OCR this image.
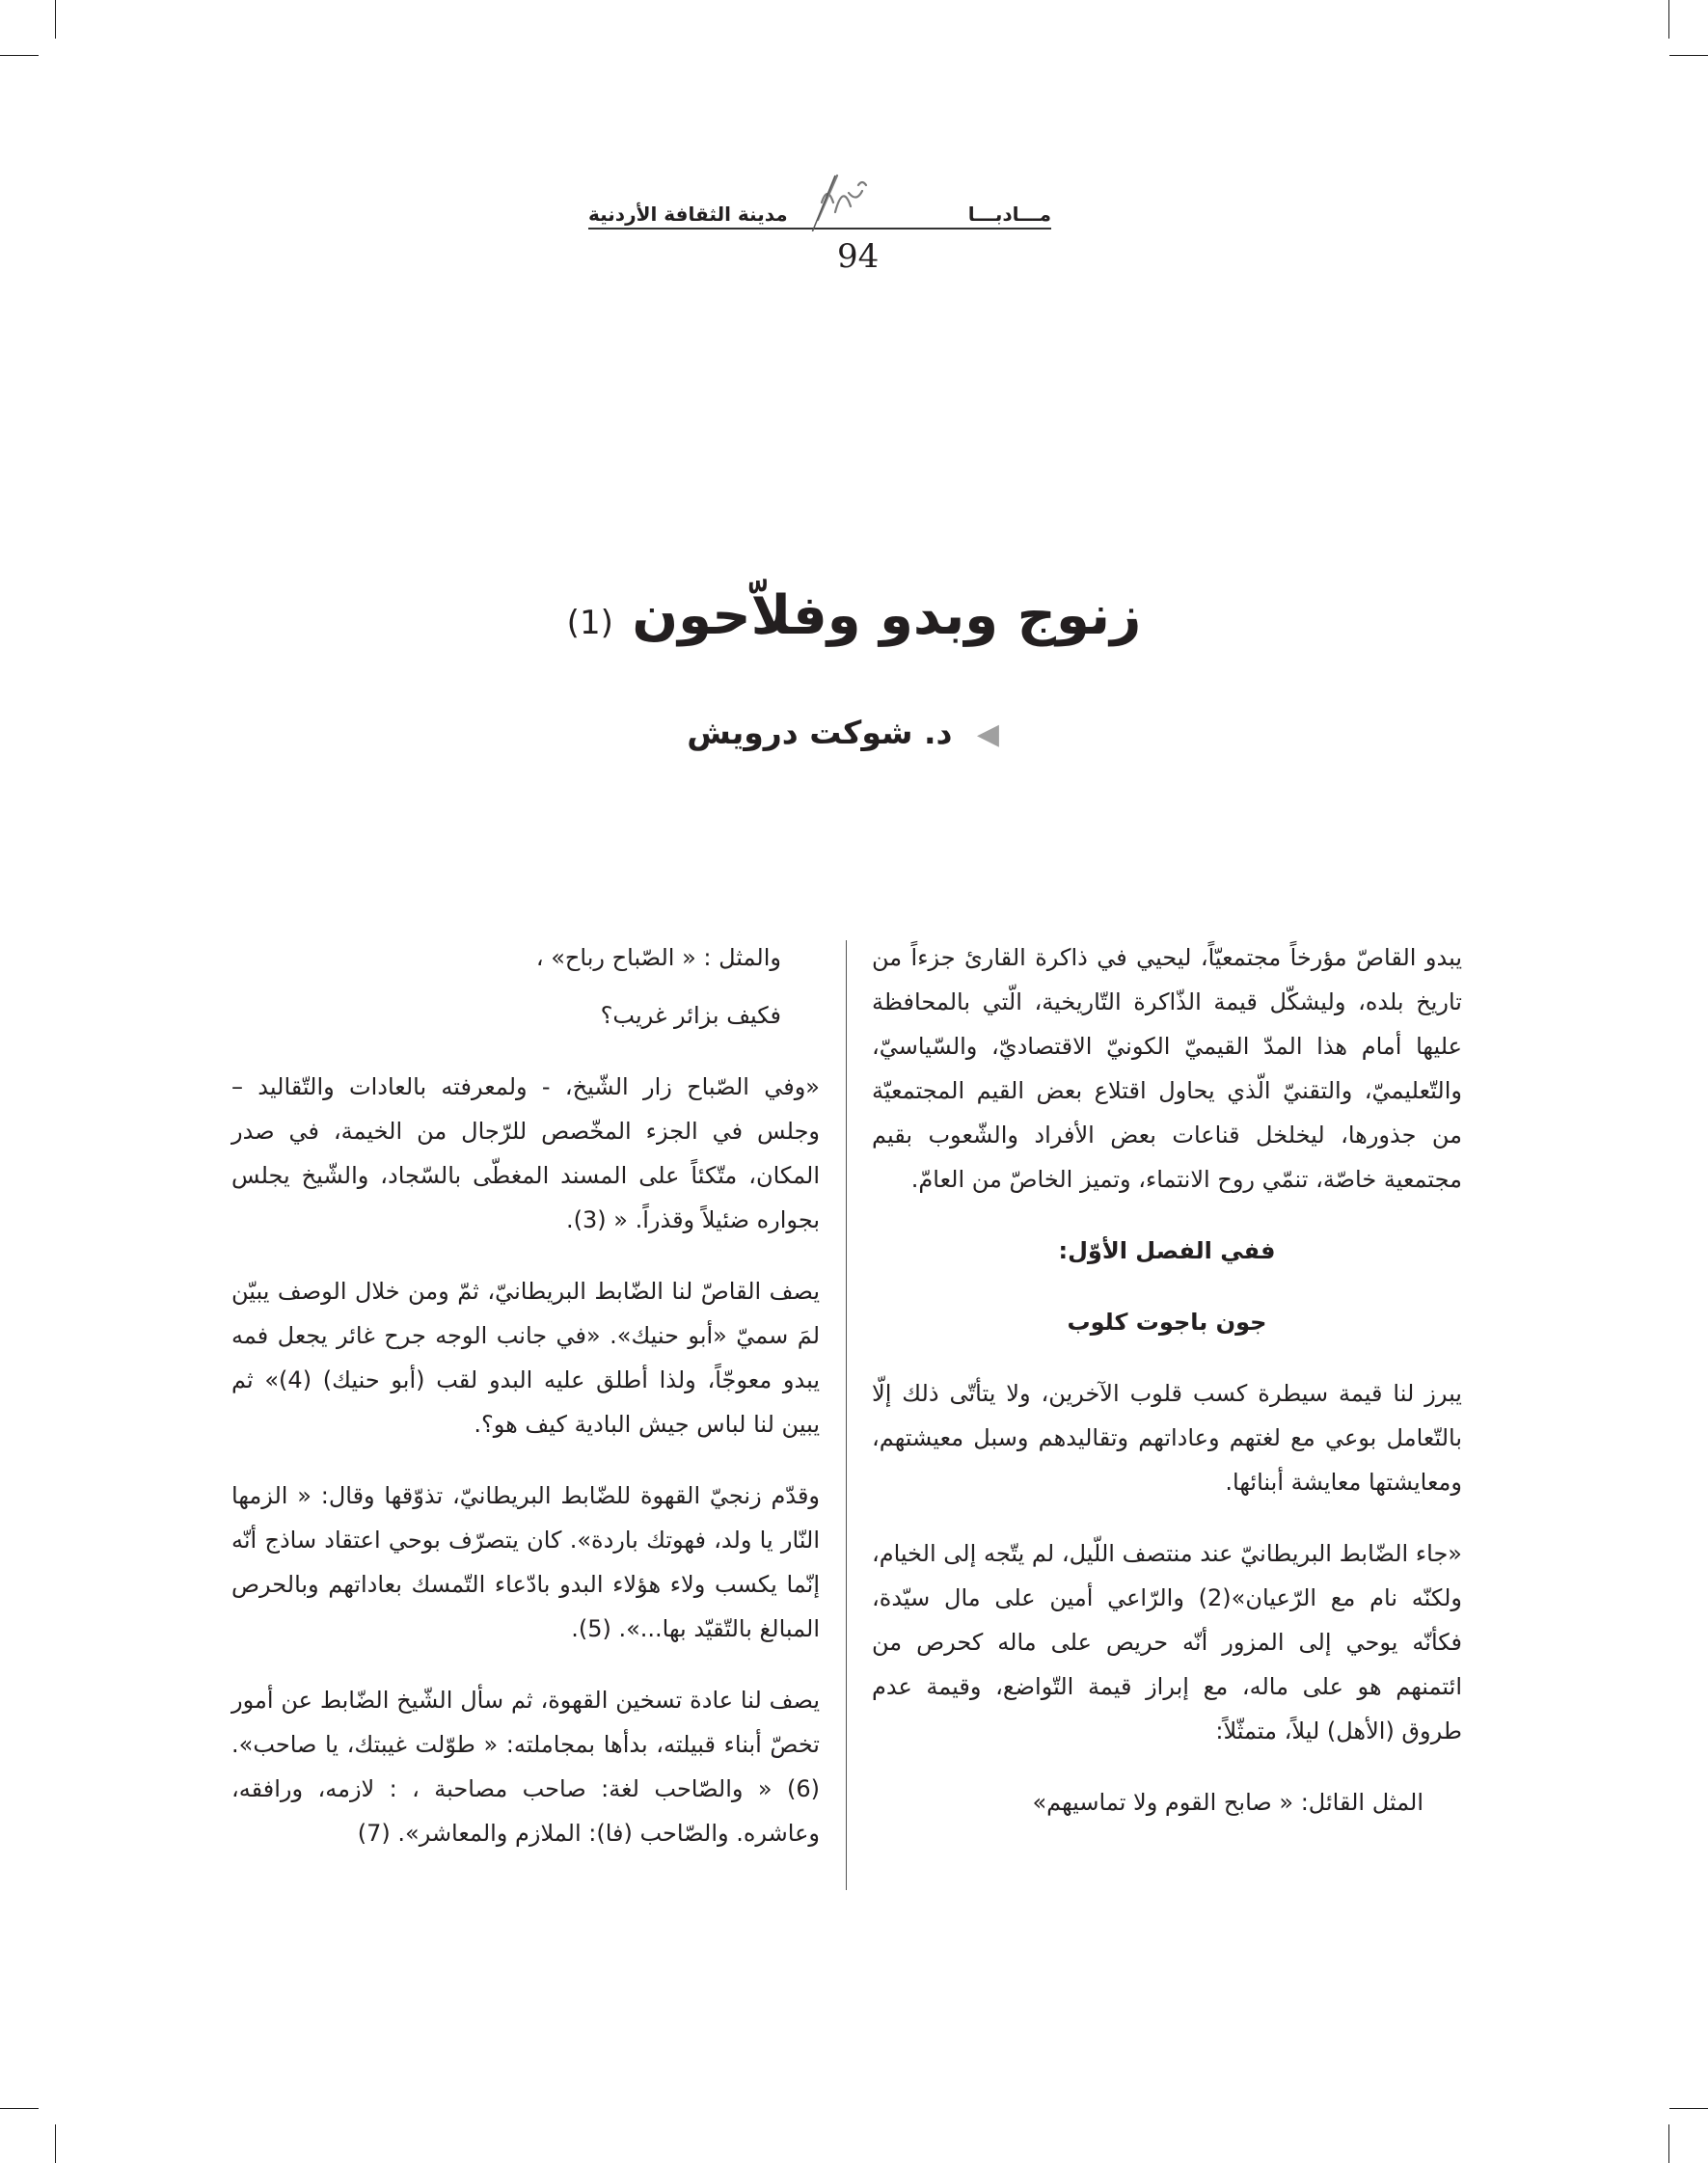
مدينة الثقافة الأردنية	مـــادبـــا
94
زنوج وبدو وفلاّحون (1)
◀ د. شوكت درويش

يبدو القاصّ مؤرخاً مجتمعيّاً، ليحيي في ذاكرة القارئ جزءاً من تاريخ بلده، وليشكّل قيمة الذّاكرة التّاريخية، الّتي بالمحافظة عليها أمام هذا المدّ القيميّ الكونيّ الاقتصاديّ، والسّياسيّ، والتّعليميّ، والتقنيّ الّذي يحاول اقتلاع بعض القيم المجتمعيّة من جذورها، ليخلخل قناعات بعض الأفراد والشّعوب بقيم مجتمعية خاصّة، تنمّي روح الانتماء، وتميز الخاصّ من العامّ.

ففي الفصل الأوّل:

جون باجوت كلوب

يبرز لنا قيمة سيطرة كسب قلوب الآخرين، ولا يتأتّى ذلك إلّا بالتّعامل بوعي مع لغتهم وعاداتهم وتقاليدهم وسبل معيشتهم، ومعايشتها معايشة أبنائها.

«جاء الضّابط البريطانيّ عند منتصف اللّيل، لم يتّجه إلى الخيام، ولكنّه نام مع الرّعيان»(2) والرّاعي أمين على مال سيّدة، فكأنّه يوحي إلى المزور أنّه حريص على ماله كحرص من ائتمنهم هو على ماله، مع إبراز قيمة التّواضع، وقيمة عدم طروق (الأهل) ليلاً، متمثّلاً:

المثل القائل: « صابح القوم ولا تماسيهم»

والمثل : « الصّباح رباح» ،

فكيف بزائر غريب؟

«وفي الصّباح زار الشّيخ، - ولمعرفته بالعادات والتّقاليد – وجلس في الجزء المخّصص للرّجال من الخيمة، في صدر المكان، متّكئاً على المسند المغطّى بالسّجاد، والشّيخ يجلس بجواره ضئيلاً وقذراً. « (3).

يصف القاصّ لنا الضّابط البريطانيّ، ثمّ ومن خلال الوصف يبيّن لمَ سميّ «أبو حنيك». «في جانب الوجه جرح غائر يجعل فمه يبدو معوجّاً، ولذا أطلق عليه البدو لقب (أبو حنيك) (4)» ثم يبين لنا لباس جيش البادية كيف هو؟.

وقدّم زنجيّ القهوة للضّابط البريطانيّ، تذوّقها وقال: « الزمها النّار يا ولد، فهوتك باردة». كان يتصرّف بوحي اعتقاد ساذج أنّه إنّما يكسب ولاء هؤلاء البدو بادّعاء التّمسك بعاداتهم وبالحرص المبالغ بالتّقيّد بها...». (5).

يصف لنا عادة تسخين القهوة، ثم سأل الشّيخ الضّابط عن أمور تخصّ أبناء قبيلته، بدأها بمجاملته: « طوّلت غيبتك، يا صاحب». (6) « والصّاحب لغة: صاحب مصاحبة ، : لازمه، ورافقه، وعاشره. والصّاحب (فا): الملازم والمعاشر». (7)
